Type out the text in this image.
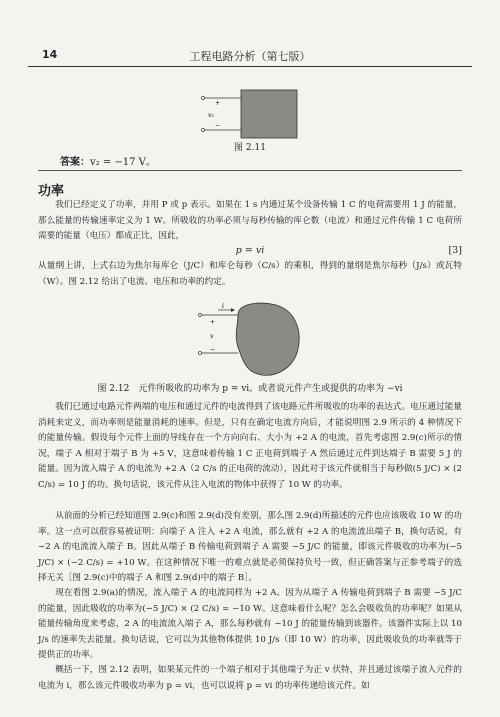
14	工程电路分析（第七版）
+
−
v₂
图 2.11
答案：v₂ = −17 V。
功率
我们已经定义了功率，并用 P 或 p 表示。如果在 1 s 内通过某个设备传输 1 C 的电荷需要用 1 J 的能量，那么能量的传输速率定义为 1 W。所吸收的功率必须与每秒传输的库仑数（电流）和通过元件传输 1 C 电荷所需要的能量（电压）都成正比，因此，
p = vi	[3]
从量纲上讲，上式右边为焦尔每库仑（J/C）和库仑每秒（C/s）的乘积，得到的量纲是焦尔每秒（J/s）或瓦特（W）。图 2.12 给出了电流、电压和功率的约定。
i
+
v
−
图 2.12　元件所吸收的功率为 p = vi。或者说元件产生或提供的功率为 −vi
我们已通过电路元件两端的电压和通过元件的电流得到了该电路元件所吸收的功率的表达式。电压通过能量消耗来定义，而功率则是能量消耗的速率。但是，只有在确定电流方向后，才能说明图 2.9 所示的 4 种情况下的能量传输。假设每个元件上面的导线存在一个方向向右、大小为 +2 A 的电流，首先考虑图 2.9(c)所示的情况，端子 A 相对于端子 B 为 +5 V，这意味着传输 1 C 正电荷到端子 A 然后通过元件到达端子 B 需要 5 J 的能量。因为流入端子 A 的电流为 +2 A（2 C/s 的正电荷的流动），因此对于该元件就相当于每秒做(5 J/C) × (2 C/s) = 10 J 的功。换句话说，该元件从注入电流的物体中获得了 10 W 的功率。
从前面的分析已经知道图 2.9(c)和图 2.9(d)没有差别，那么图 2.9(d)所描述的元件也应该吸收 10 W 的功率。这一点可以很容易被证明：向端子 A 注入 +2 A 电流，那么就有 +2 A 的电流流出端子 B，换句话说，有 −2 A 的电流流入端子 B。因此从端子 B 传输电荷到端子 A 需要 −5 J/C 的能量，即该元件吸收的功率为(−5 J/C) × (−2 C/s) = +10 W。在这种情况下唯一的难点就是必须保持负号一致，但正确答案与正参考端子的选择无关［图 2.9(c)中的端子 A 和图 2.9(d)中的端子 B］。
现在看图 2.9(a)的情况，流入端子 A 的电流同样为 +2 A。因为从端子 A 传输电荷到端子 B 需要 −5 J/C 的能量，因此吸收的功率为(−5 J/C) × (2 C/s) = −10 W。这意味着什么呢？怎么会吸收负的功率呢？如果从能量传输角度来考虑，2 A 的电流流入端子 A，那么每秒就有 −10 J 的能量传输到该器件。该器件实际上以 10 J/s 的速率失去能量。换句话说，它可以为其他物体提供 10 J/s（即 10 W）的功率，因此吸收负的功率就等于提供正的功率。
概括一下，图 2.12 表明，如果某元件的一个端子相对于其他端子为正 v 伏特，并且通过该端子流入元件的电流为 i，那么该元件吸收功率为 p = vi，也可以说将 p = vi 的功率传递给该元件。如
